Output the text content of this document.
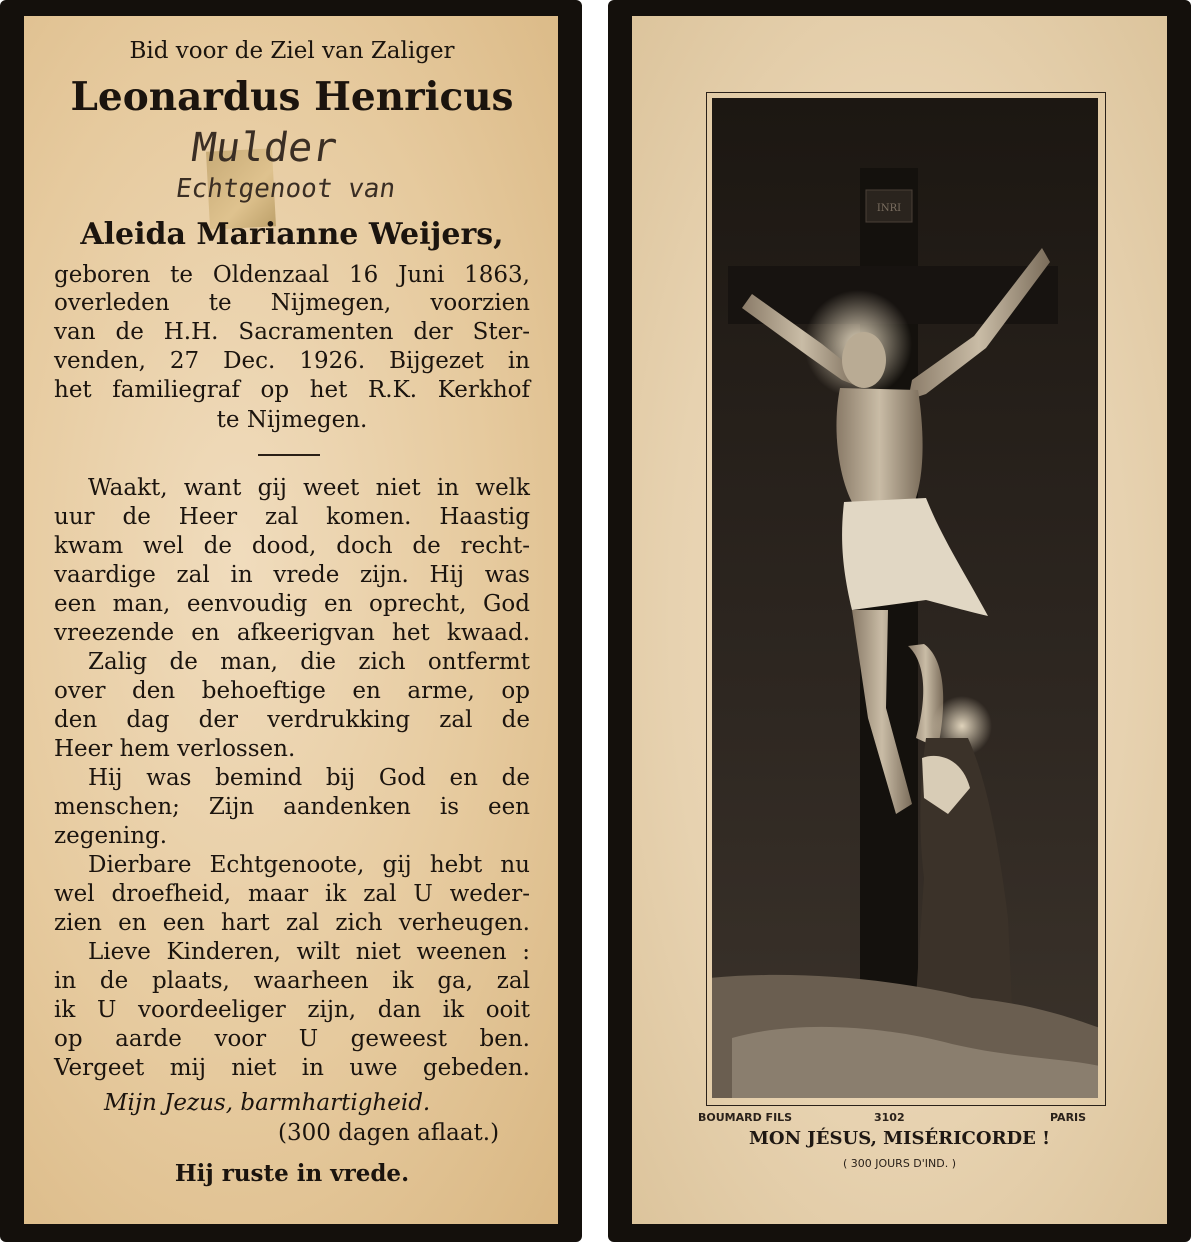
Bid voor de Ziel van Zaliger
Leonardus Henricus
Mulder
Echtgenoot van
Aleida Marianne Weijers,
geboren te Oldenzaal 16 Juni 1863,
overleden te Nijmegen, voorzien
van de H.H. Sacramenten der Ster-
venden, 27 Dec. 1926. Bijgezet in
het familiegraf op het R.K. Kerkhof
te Nijmegen.
Waakt, want gij weet niet in welk
uur de Heer zal komen. Haastig
kwam wel de dood, doch de recht-
vaardige zal in vrede zijn. Hij was
een man, eenvoudig en oprecht, God
vreezende en afkeerigvan het kwaad.
Zalig de man, die zich ontfermt
over den behoeftige en arme, op
den dag der verdrukking zal de
Heer hem verlossen.
Hij was bemind bij God en de
menschen; Zijn aandenken is een
zegening.
Dierbare Echtgenoote, gij hebt nu
wel droefheid, maar ik zal U weder-
zien en een hart zal zich verheugen.
Lieve Kinderen, wilt niet weenen :
in de plaats, waarheen ik ga, zal
ik U voordeeliger zijn, dan ik ooit
op aarde voor U geweest ben.
Vergeet mij niet in uwe gebeden.
Mijn Jezus, barmhartigheid.
(300 dagen aflaat.)
Hij ruste in vrede.
INRI
BOUMARD FILS	3102	PARIS
MON JÉSUS, MISÉRICORDE !
( 300 JOURS D'IND. )
